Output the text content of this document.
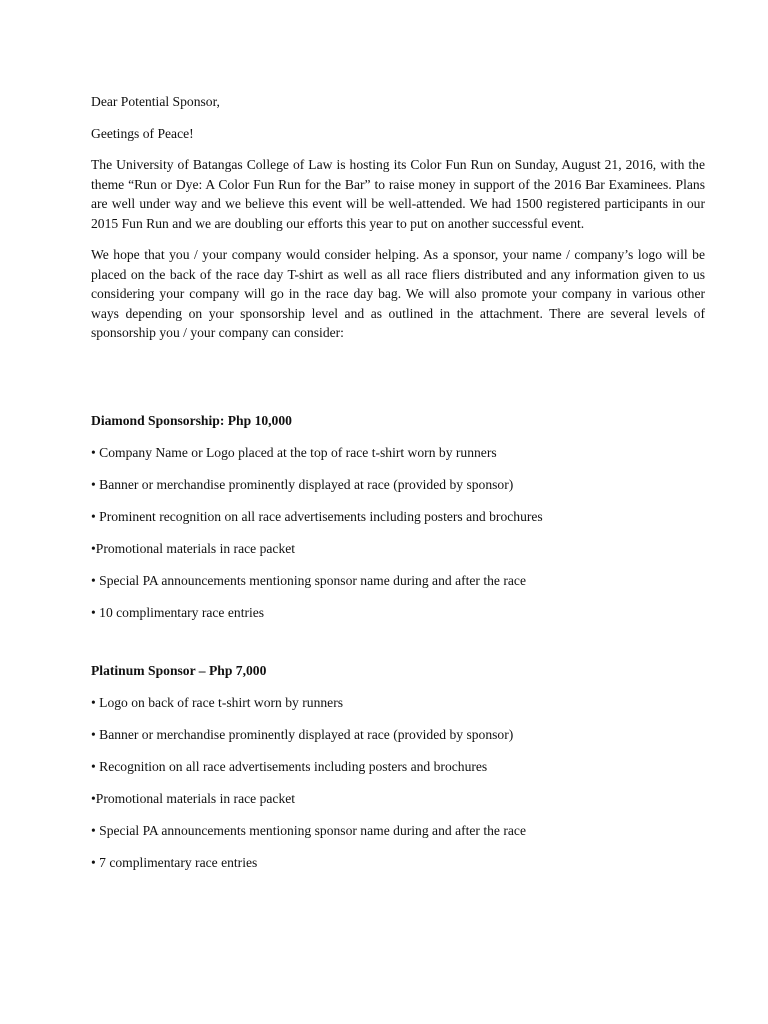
Dear Potential Sponsor,

Geetings of Peace!

The University of Batangas College of Law is hosting its Color Fun Run on Sunday, August 21, 2016, with the theme “Run or Dye: A Color Fun Run for the Bar” to raise money in support of the 2016 Bar Examinees. Plans are well under way and we believe this event will be well-attended. We had 1500 registered participants in our 2015 Fun Run and we are doubling our efforts this year to put on another successful event.

We hope that you / your company would consider helping. As a sponsor, your name / company’s logo will be placed on the back of the race day T-shirt as well as all race fliers distributed and any information given to us considering your company will go in the race day bag. We will also promote your company in various other ways depending on your sponsorship level and as outlined in the attachment. There are several levels of sponsorship you / your company can consider:

Diamond Sponsorship: Php 10,000

• Company Name or Logo placed at the top of race t-shirt worn by runners

• Banner or merchandise prominently displayed at race (provided by sponsor)

• Prominent recognition on all race advertisements including posters and brochures

•Promotional materials in race packet

• Special PA announcements mentioning sponsor name during and after the race

• 10 complimentary race entries

Platinum Sponsor – Php 7,000

• Logo on back of race t-shirt worn by runners

• Banner or merchandise prominently displayed at race (provided by sponsor)

• Recognition on all race advertisements including posters and brochures

•Promotional materials in race packet

• Special PA announcements mentioning sponsor name during and after the race

• 7 complimentary race entries
